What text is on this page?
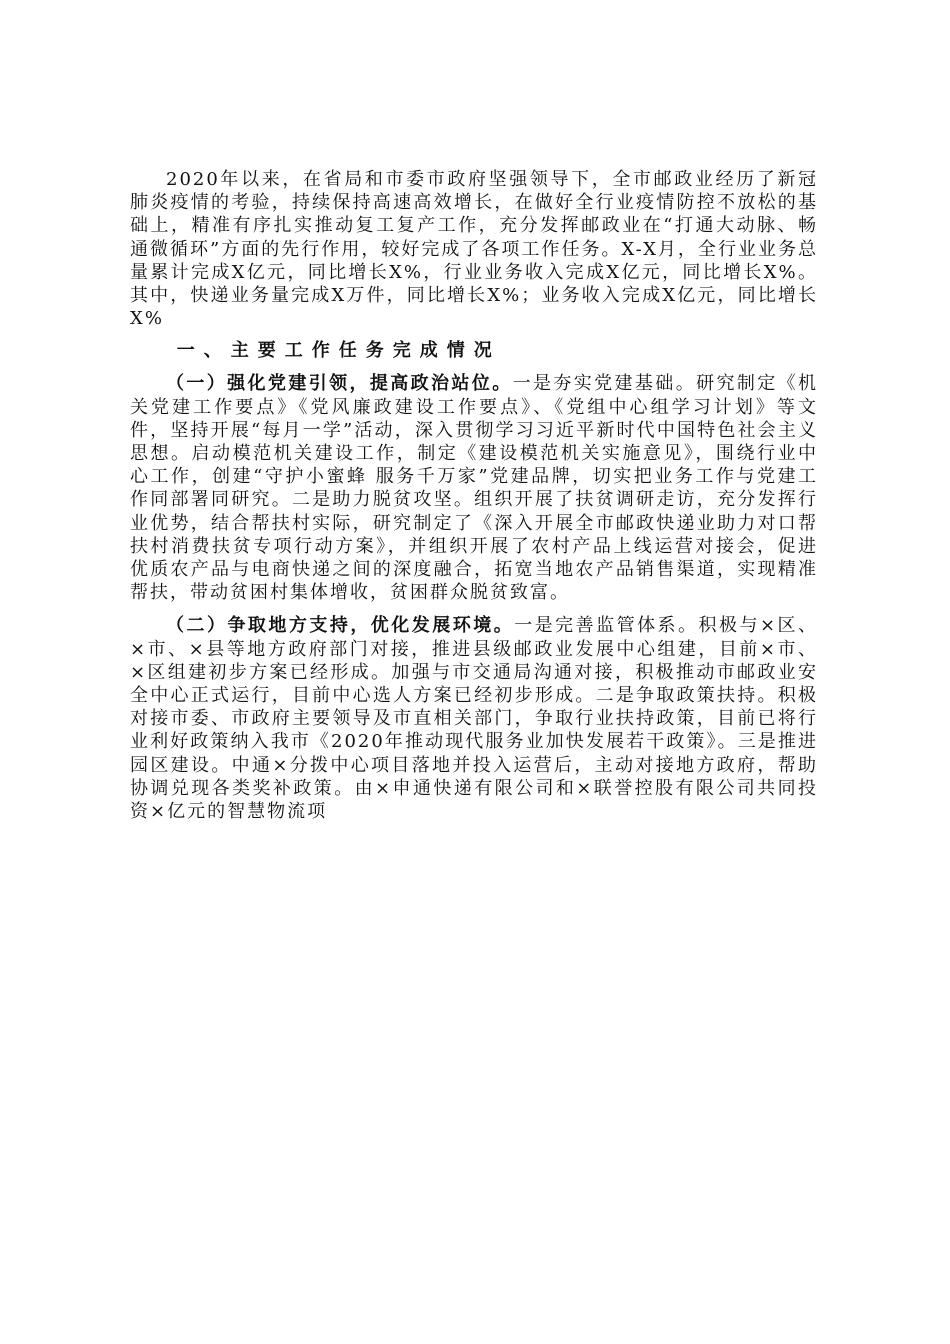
2020年以来，在省局和市委市政府坚强领导下，全市邮政业经历了新冠肺炎疫情的考验，持续保持高速高效增长，在做好全行业疫情防控不放松的基础上，精准有序扎实推动复工复产工作，充分发挥邮政业在“打通大动脉、畅通微循环”方面的先行作用，较好完成了各项工作任务。X-X月，全行业业务总量累计完成X亿元，同比增长X%，行业业务收入完成X亿元，同比增长X%。其中，快递业务量完成X万件，同比增长X%；业务收入完成X亿元，同比增长X%

一、主要工作任务完成情况

（一）强化党建引领，提高政治站位。一是夯实党建基础。研究制定《机关党建工作要点》《党风廉政建设工作要点》、《党组中心组学习计划》等文件，坚持开展“每月一学”活动，深入贯彻学习习近平新时代中国特色社会主义思想。启动模范机关建设工作，制定《建设模范机关实施意见》，围绕行业中心工作，创建“守护小蜜蜂 服务千万家”党建品牌，切实把业务工作与党建工作同部署同研究。二是助力脱贫攻坚。组织开展了扶贫调研走访，充分发挥行业优势，结合帮扶村实际，研究制定了《深入开展全市邮政快递业助力对口帮扶村消费扶贫专项行动方案》，并组织开展了农村产品上线运营对接会，促进优质农产品与电商快递之间的深度融合，拓宽当地农产品销售渠道，实现精准帮扶，带动贫困村集体增收，贫困群众脱贫致富。

（二）争取地方支持，优化发展环境。一是完善监管体系。积极与×区、×市、×县等地方政府部门对接，推进县级邮政业发展中心组建，目前×市、×区组建初步方案已经形成。加强与市交通局沟通对接，积极推动市邮政业安全中心正式运行，目前中心选人方案已经初步形成。二是争取政策扶持。积极对接市委、市政府主要领导及市直相关部门，争取行业扶持政策，目前已将行业利好政策纳入我市《2020年推动现代服务业加快发展若干政策》。三是推进园区建设。中通×分拨中心项目落地并投入运营后，主动对接地方政府，帮助协调兑现各类奖补政策。由×申通快递有限公司和×联誉控股有限公司共同投资×亿元的智慧物流项
